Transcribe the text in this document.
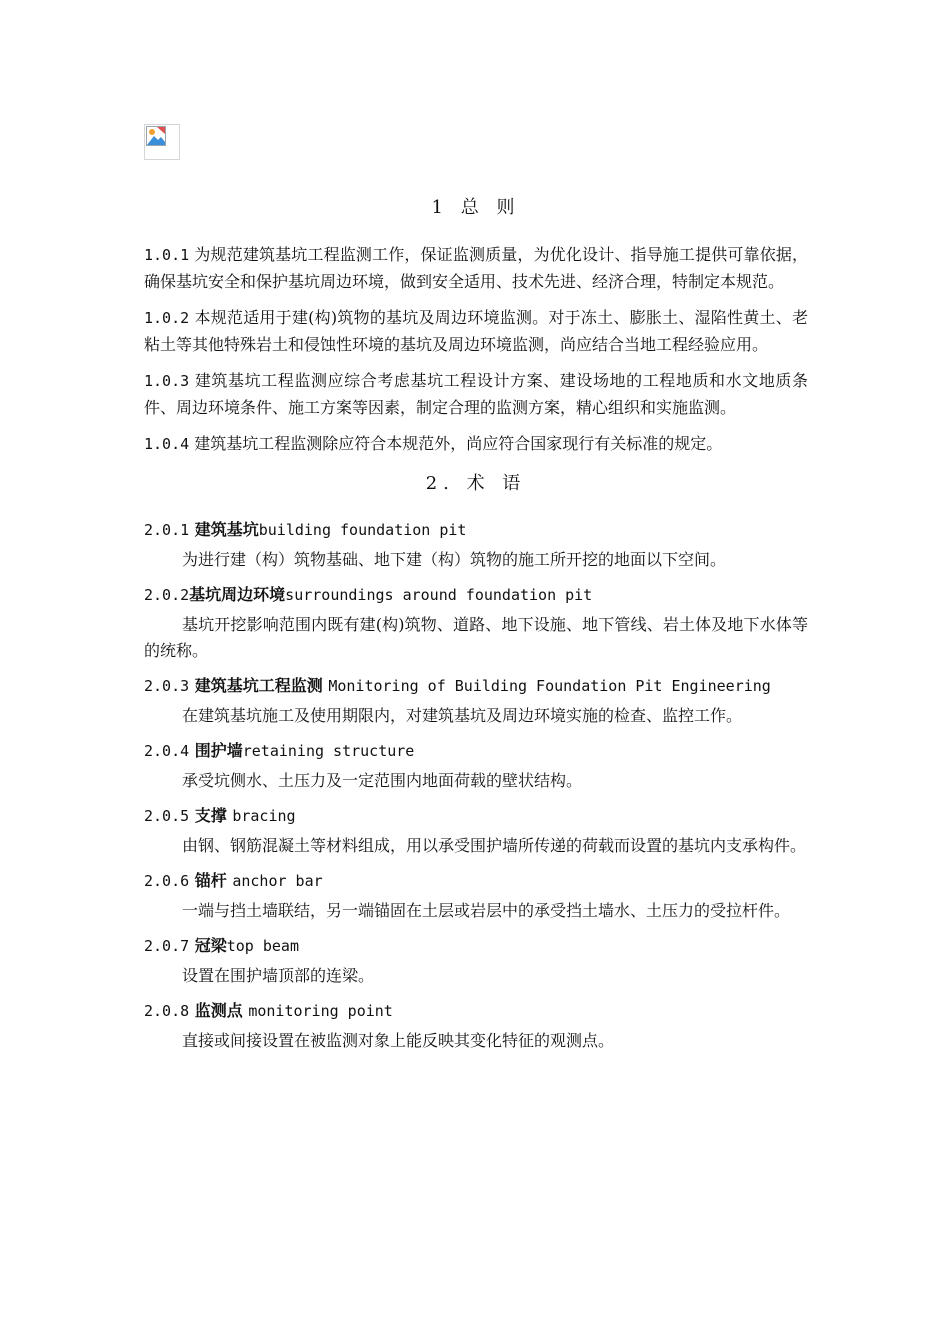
1 总 则

1.0.1 为规范建筑基坑工程监测工作，保证监测质量，为优化设计、指导施工提供可靠依据，确保基坑安全和保护基坑周边环境，做到安全适用、技术先进、经济合理，特制定本规范。

1.0.2 本规范适用于建(构)筑物的基坑及周边环境监测。对于冻土、膨胀土、湿陷性黄土、老粘土等其他特殊岩土和侵蚀性环境的基坑及周边环境监测，尚应结合当地工程经验应用。

1.0.3 建筑基坑工程监测应综合考虑基坑工程设计方案、建设场地的工程地质和水文地质条件、周边环境条件、施工方案等因素，制定合理的监测方案，精心组织和实施监测。

1.0.4 建筑基坑工程监测除应符合本规范外，尚应符合国家现行有关标准的规定。

2. 术 语
2.0.1 建筑基坑building foundation pit
为进行建（构）筑物基础、地下建（构）筑物的施工所开挖的地面以下空间。
2.0.2基坑周边环境surroundings around foundation pit
基坑开挖影响范围内既有建(构)筑物、道路、地下设施、地下管线、岩土体及地下水体等的统称。
2.0.3 建筑基坑工程监测 Monitoring of Building Foundation Pit Engineering
在建筑基坑施工及使用期限内，对建筑基坑及周边环境实施的检查、监控工作。
2.0.4 围护墙retaining structure
承受坑侧水、土压力及一定范围内地面荷载的壁状结构。
2.0.5 支撑 bracing
由钢、钢筋混凝土等材料组成，用以承受围护墙所传递的荷载而设置的基坑内支承构件。
2.0.6 锚杆 anchor bar
一端与挡土墙联结，另一端锚固在土层或岩层中的承受挡土墙水、土压力的受拉杆件。
2.0.7 冠梁top beam
设置在围护墙顶部的连梁。
2.0.8 监测点 monitoring point
直接或间接设置在被监测对象上能反映其变化特征的观测点。
